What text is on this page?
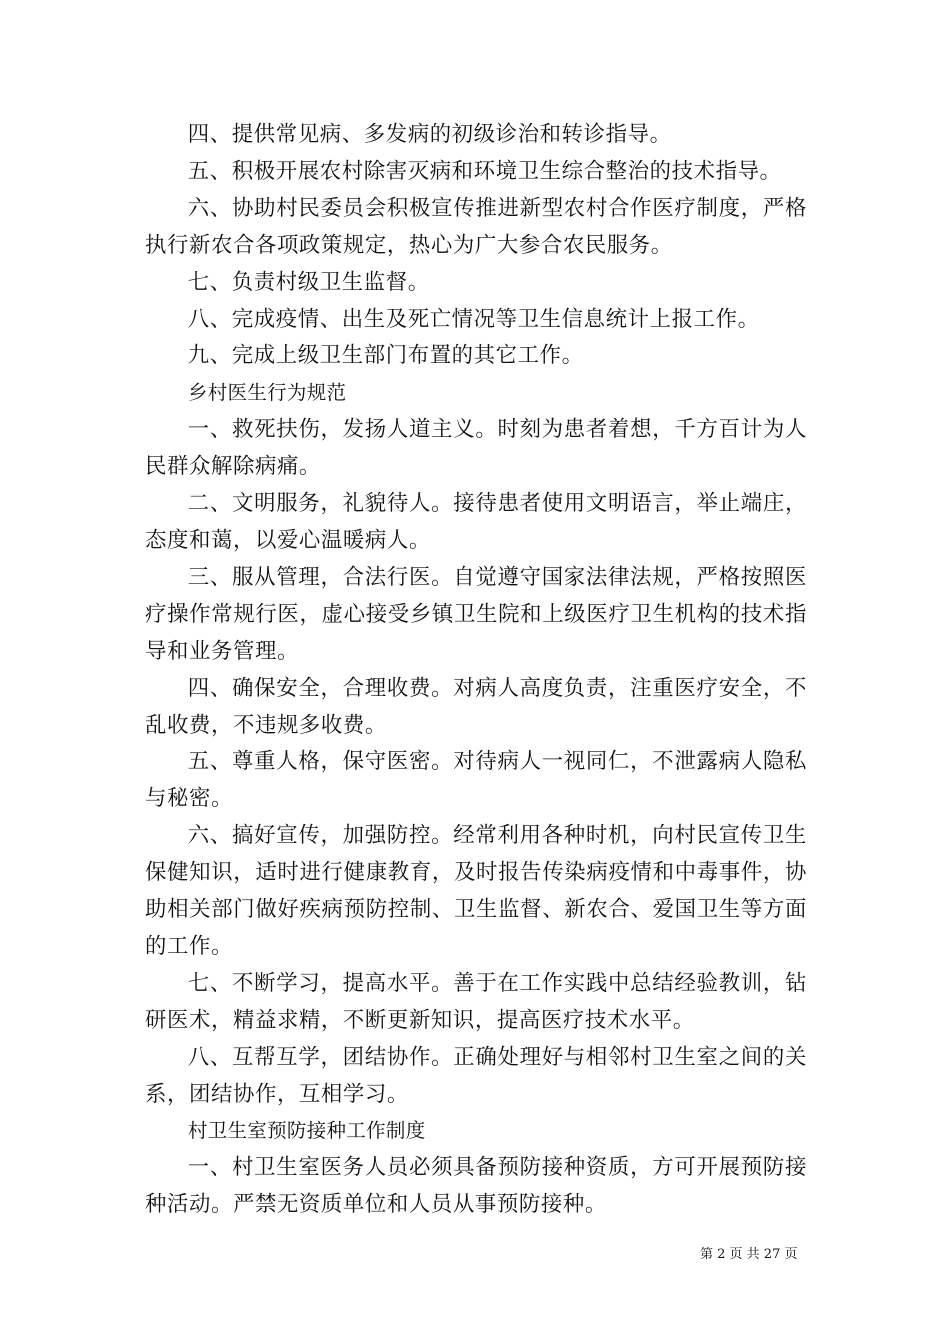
四、提供常见病、多发病的初级诊治和转诊指导。

五、积极开展农村除害灭病和环境卫生综合整治的技术指导。

六、协助村民委员会积极宣传推进新型农村合作医疗制度，严格执行新农合各项政策规定，热心为广大参合农民服务。

七、负责村级卫生监督。

八、完成疫情、出生及死亡情况等卫生信息统计上报工作。

九、完成上级卫生部门布置的其它工作。

乡村医生行为规范

一、救死扶伤，发扬人道主义。时刻为患者着想，千方百计为人民群众解除病痛。

二、文明服务，礼貌待人。接待患者使用文明语言，举止端庄，态度和蔼，以爱心温暖病人。

三、服从管理，合法行医。自觉遵守国家法律法规，严格按照医疗操作常规行医，虚心接受乡镇卫生院和上级医疗卫生机构的技术指导和业务管理。

四、确保安全，合理收费。对病人高度负责，注重医疗安全，不乱收费，不违规多收费。

五、尊重人格，保守医密。对待病人一视同仁，不泄露病人隐私与秘密。

六、搞好宣传，加强防控。经常利用各种时机，向村民宣传卫生保健知识，适时进行健康教育，及时报告传染病疫情和中毒事件，协助相关部门做好疾病预防控制、卫生监督、新农合、爱国卫生等方面的工作。

七、不断学习，提高水平。善于在工作实践中总结经验教训，钻研医术，精益求精，不断更新知识，提高医疗技术水平。

八、互帮互学，团结协作。正确处理好与相邻村卫生室之间的关系，团结协作，互相学习。

村卫生室预防接种工作制度

一、村卫生室医务人员必须具备预防接种资质，方可开展预防接种活动。严禁无资质单位和人员从事预防接种。

第 2 页 共 27 页
